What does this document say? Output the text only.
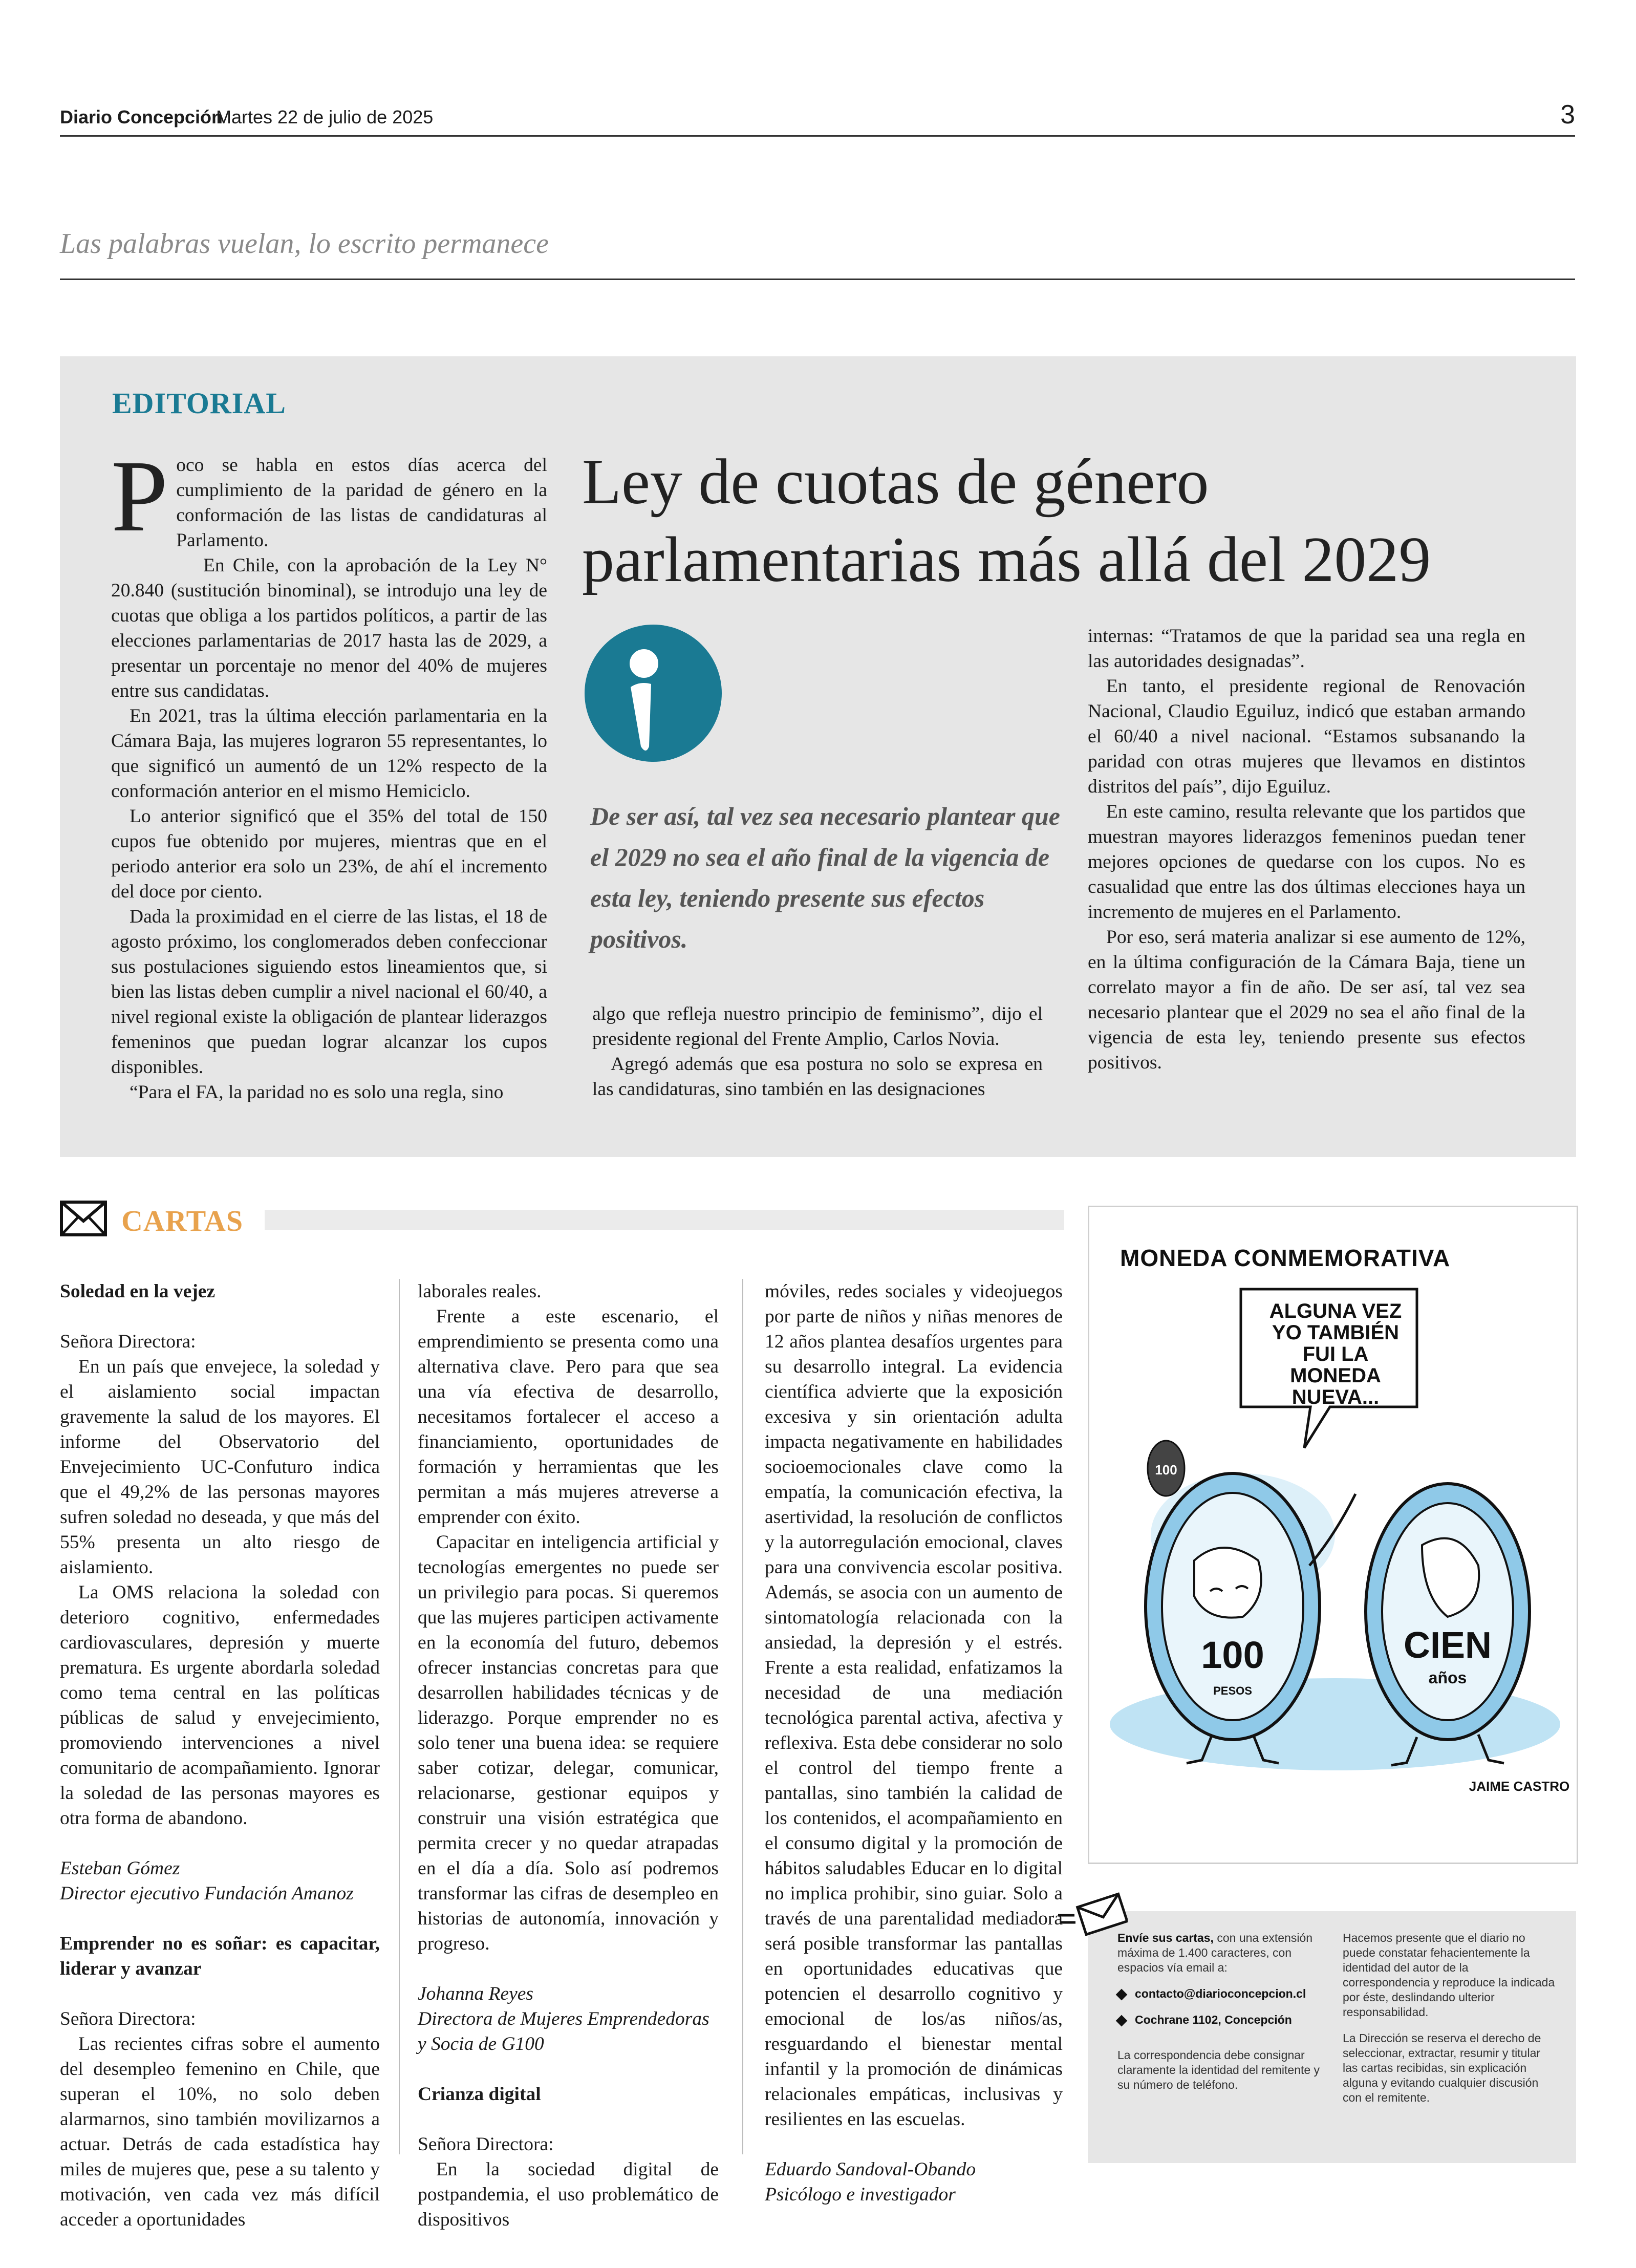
Diario Concepción
Martes 22 de julio de 2025	3
Las palabras vuelan, lo escrito permanece
EDITORIAL

Poco se habla en estos días acerca del cumplimiento de la paridad de género en la conformación de las listas de candidaturas al Parlamento.

En Chile, con la aprobación de la Ley N° 20.840 (sustitución binominal), se introdujo una ley de cuotas que obliga a los partidos políticos, a partir de las elecciones parlamentarias de 2017 hasta las de 2029, a presentar un porcentaje no menor del 40% de mujeres entre sus candidatas.

En 2021, tras la última elección parlamentaria en la Cámara Baja, las mujeres lograron 55 representantes, lo que significó un aumentó de un 12% respecto de la conformación anterior en el mismo Hemiciclo.

Lo anterior significó que el 35% del total de 150 cupos fue obtenido por mujeres, mientras que en el periodo anterior era solo un 23%, de ahí el incremento del doce por ciento.

Dada la proximidad en el cierre de las listas, el 18 de agosto próximo, los conglomerados deben confeccionar sus postulaciones siguiendo estos lineamientos que, si bien las listas deben cumplir a nivel nacional el 60/40, a nivel regional existe la obligación de plantear liderazgos femeninos que puedan lograr alcanzar los cupos disponibles.

“Para el FA, la paridad no es solo una regla, sino

Ley de cuotas de género parlamentarias más allá del 2029
De ser así, tal vez sea necesario plantear que el 2029 no sea el año final de la vigencia de esta ley, teniendo presente sus efectos positivos.

algo que refleja nuestro principio de feminismo”, dijo el presidente regional del Frente Amplio, Carlos Novia.

Agregó además que esa postura no solo se expresa en las candidaturas, sino también en las designaciones

internas: “Tratamos de que la paridad sea una regla en las autoridades designadas”.

En tanto, el presidente regional de Renovación Nacional, Claudio Eguiluz, indicó que estaban armando el 60/40 a nivel nacional. “Estamos subsanando la paridad con otras mujeres que llevamos en distintos distritos del país”, dijo Eguiluz.

En este camino, resulta relevante que los partidos que muestran mayores liderazgos femeninos puedan tener mejores opciones de quedarse con los cupos. No es casualidad que entre las dos últimas elecciones haya un incremento de mujeres en el Parlamento.

Por eso, será materia analizar si ese aumento de 12%, en la última configuración de la Cámara Baja, tiene un correlato mayor a fin de año. De ser así, tal vez sea necesario plantear que el 2029 no sea el año final de la vigencia de esta ley, teniendo presente sus efectos positivos.

CARTAS

Soledad en la vejez

Señora Directora:

En un país que envejece, la soledad y el aislamiento social impactan gravemente la salud de los mayores. El informe del Observatorio del Envejecimiento UC-Confuturo indica que el 49,2% de las personas mayores sufren soledad no deseada, y que más del 55% presenta un alto riesgo de aislamiento.

La OMS relaciona la soledad con deterioro cognitivo, enfermedades cardiovasculares, depresión y muerte prematura. Es urgente abordarla soledad como tema central en las políticas públicas de salud y envejecimiento, promoviendo intervenciones a nivel comunitario de acompañamiento. Ignorar la soledad de las personas mayores es otra forma de abandono.

Esteban Gómez

Director ejecutivo Fundación Amanoz

Emprender no es soñar: es capacitar, liderar y avanzar

Señora Directora:

Las recientes cifras sobre el aumento del desempleo femenino en Chile, que superan el 10%, no solo deben alarmarnos, sino también movilizarnos a actuar. Detrás de cada estadística hay miles de mujeres que, pese a su talento y motivación, ven cada vez más difícil acceder a oportunidades

laborales reales.

Frente a este escenario, el emprendimiento se presenta como una alternativa clave. Pero para que sea una vía efectiva de desarrollo, necesitamos fortalecer el acceso a financiamiento, oportunidades de formación y herramientas que les permitan a más mujeres atreverse a emprender con éxito.

Capacitar en inteligencia artificial y tecnologías emergentes no puede ser un privilegio para pocas. Si queremos que las mujeres participen activamente en la economía del futuro, debemos ofrecer instancias concretas para que desarrollen habilidades técnicas y de liderazgo. Porque emprender no es solo tener una buena idea: se requiere saber cotizar, delegar, comunicar, relacionarse, gestionar equipos y construir una visión estratégica que permita crecer y no quedar atrapadas en el día a día. Solo así podremos transformar las cifras de desempleo en historias de autonomía, innovación y progreso.

Johanna Reyes

Directora de Mujeres Emprendedoras y Socia de G100

Crianza digital

Señora Directora:

En la sociedad digital de postpandemia, el uso problemático de dispositivos

móviles, redes sociales y videojuegos por parte de niños y niñas menores de 12 años plantea desafíos urgentes para su desarrollo integral. La evidencia científica advierte que la exposición excesiva y sin orientación adulta impacta negativamente en habilidades socioemocionales clave como la empatía, la comunicación efectiva, la asertividad, la resolución de conflictos y la autorregulación emocional, claves para una convivencia escolar positiva. Además, se asocia con un aumento de sintomatología relacionada con la ansiedad, la depresión y el estrés. Frente a esta realidad, enfatizamos la necesidad de una mediación tecnológica parental activa, afectiva y reflexiva. Esta debe considerar no solo el control del tiempo frente a pantallas, sino también la calidad de los contenidos, el acompañamiento en el consumo digital y la promoción de hábitos saludables Educar en lo digital no implica prohibir, sino guiar. Solo a través de una parentalidad mediadora será posible transformar las pantallas en oportunidades educativas que potencien el desarrollo cognitivo y emocional de los/as niños/as, resguardando el bienestar mental infantil y la promoción de dinámicas relacionales empáticas, inclusivas y resilientes en las escuelas.

Eduardo Sandoval-Obando

Psicólogo e investigador

100
100
PESOS
CIEN
años
JAIME CASTRO
MONEDA CONMEMORATIVA
ALGUNA VEZ YO TAMBIÉN FUI LA MONEDA NUEVA...

Envíe sus cartas, con una extensión máxima de 1.400 caracteres, con espacios vía email a:

contacto@diarioconcepcion.cl

Cochrane 1102, Concepción

La correspondencia debe consignar claramente la identidad del remitente y su número de teléfono.

Hacemos presente que el diario no puede constatar fehacientemente la identidad del autor de la correspondencia y reproduce la indicada por éste, deslindando ulterior responsabilidad.

La Dirección se reserva el derecho de seleccionar, extractar, resumir y titular las cartas recibidas, sin explicación alguna y evitando cualquier discusión con el remitente.
